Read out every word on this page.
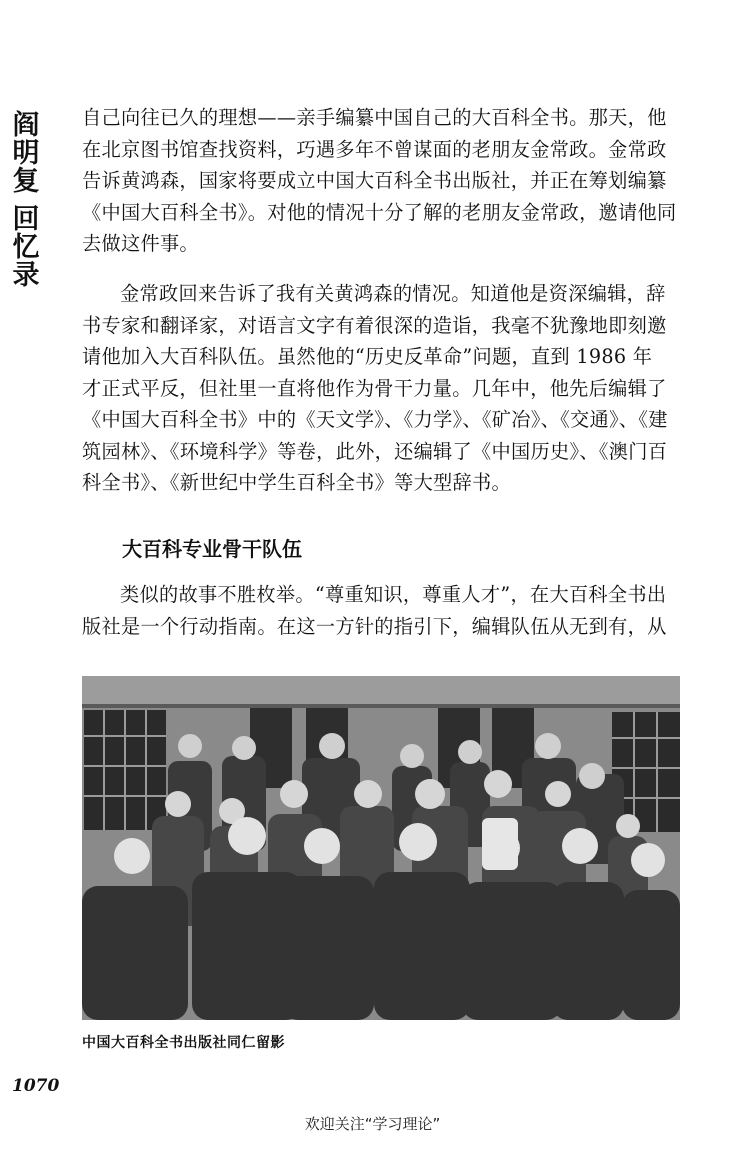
阎
明
复
回
忆
录
自己向往已久的理想——亲手编纂中国自己的大百科全书。那天，他
在北京图书馆查找资料，巧遇多年不曾谋面的老朋友金常政。金常政
告诉黄鸿森，国家将要成立中国大百科全书出版社，并正在筹划编纂
《中国大百科全书》。对他的情况十分了解的老朋友金常政，邀请他同
去做这件事。
金常政回来告诉了我有关黄鸿森的情况。知道他是资深编辑，辞
书专家和翻译家，对语言文字有着很深的造诣，我毫不犹豫地即刻邀
请他加入大百科队伍。虽然他的“历史反革命”问题，直到 1986 年
才正式平反，但社里一直将他作为骨干力量。几年中，他先后编辑了
《中国大百科全书》中的《天文学》、《力学》、《矿冶》、《交通》、《建
筑园林》、《环境科学》等卷，此外，还编辑了《中国历史》、《澳门百
科全书》、《新世纪中学生百科全书》等大型辞书。
大百科专业骨干队伍
类似的故事不胜枚举。“尊重知识，尊重人才”，在大百科全书出
版社是一个行动指南。在这一方针的指引下，编辑队伍从无到有，从
中国大百科全书出版社同仁留影
1070
欢迎关注“学习理论”
